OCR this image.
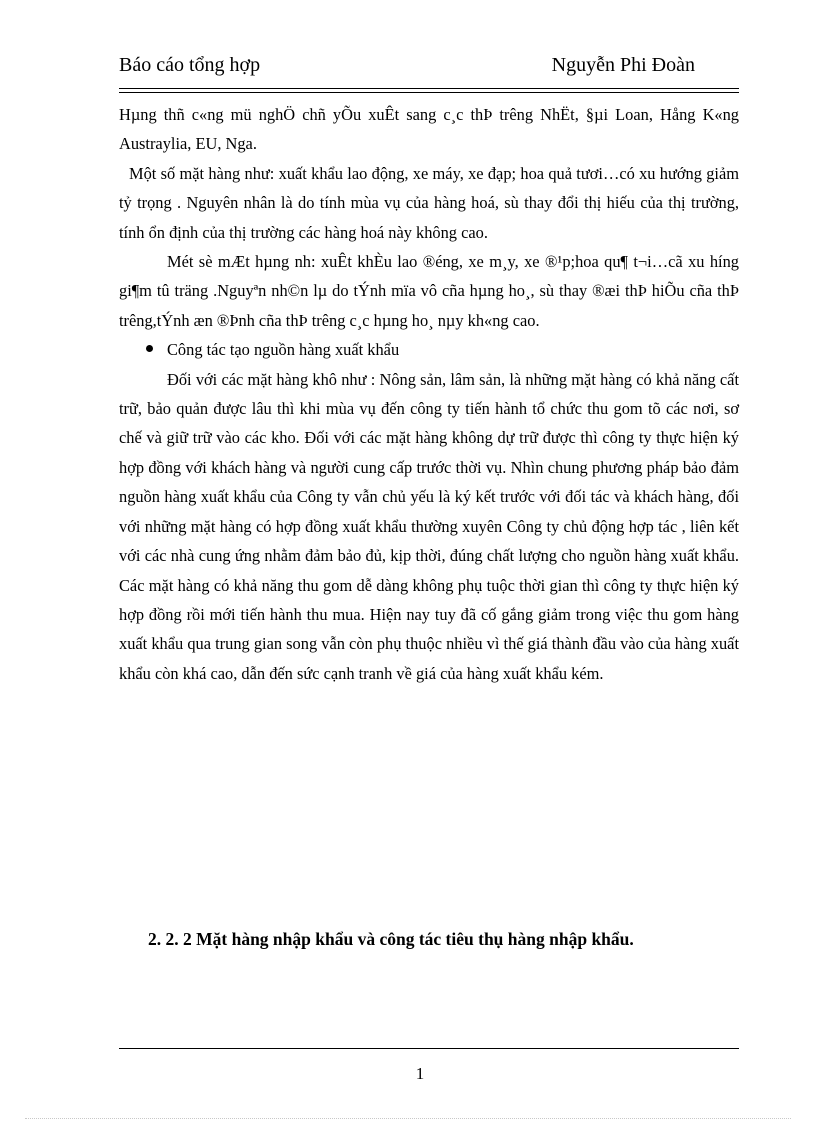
Báo cáo tổng hợp	Nguyễn Phi Đoàn

Hµng thñ c«ng mü nghÖ chñ yÕu xuÊt sang c¸c thÞ trêng NhËt, §µi Loan, Hång K«ng Austraylia, EU, Nga.

Một số mặt hàng như: xuất khẩu lao động, xe máy, xe đạp; hoa quả tươi…có xu hướng giảm tỷ trọng . Nguyên nhân là do tính mùa vụ của hàng hoá, sù thay đổi thị hiếu của thị trường, tính ổn định của thị trường các hàng hoá này không cao.

Mét sè mÆt hµng nh: xuÊt khÈu lao ®éng, xe m¸y, xe ®¹p;hoa qu¶ t¬i…cã xu híng gi¶m tû träng .Nguyªn nh©n lµ do tÝnh mïa vô cña hµng ho¸, sù thay ®æi thÞ hiÕu cña thÞ trêng,tÝnh æn ®Þnh cña thÞ trêng c¸c hµng ho¸ nµy kh«ng cao.

Công tác tạo nguồn hàng xuất khẩu

Đối với các mặt hàng khô như : Nông sản, lâm sản, là những mặt hàng có khả năng cất trữ, bảo quản được lâu thì khi mùa vụ đến công ty tiến hành tổ chức thu gom tõ các nơi, sơ chế và giữ trữ vào các kho. Đối với các mặt hàng không dự trữ được thì công ty thực hiện ký hợp đồng với khách hàng và người cung cấp trước thời vụ. Nhìn chung phương pháp bảo đảm nguồn hàng xuất khẩu của Công ty vẫn chủ yếu là ký kết trước với đối tác và khách hàng, đối với những mặt hàng có hợp đồng xuất khẩu thường xuyên Công ty chủ động hợp tác , liên kết với các nhà cung ứng nhằm đảm bảo đủ, kịp thời, đúng chất lượng cho nguồn hàng xuất khẩu. Các mặt hàng có khả năng thu gom dễ dàng không phụ tuộc thời gian thì công ty thực hiện ký hợp đồng rồi mới tiến hành thu mua. Hiện nay tuy đã cố gắng giảm trong việc thu gom hàng xuất khẩu qua trung gian song vẫn còn phụ thuộc nhiều vì thế giá thành đầu vào của hàng xuất khẩu còn khá cao, dẫn đến sức cạnh tranh về giá của hàng xuất khẩu kém.

2. 2. 2 Mặt hàng nhập khẩu và công tác tiêu thụ hàng nhập khẩu.
1
